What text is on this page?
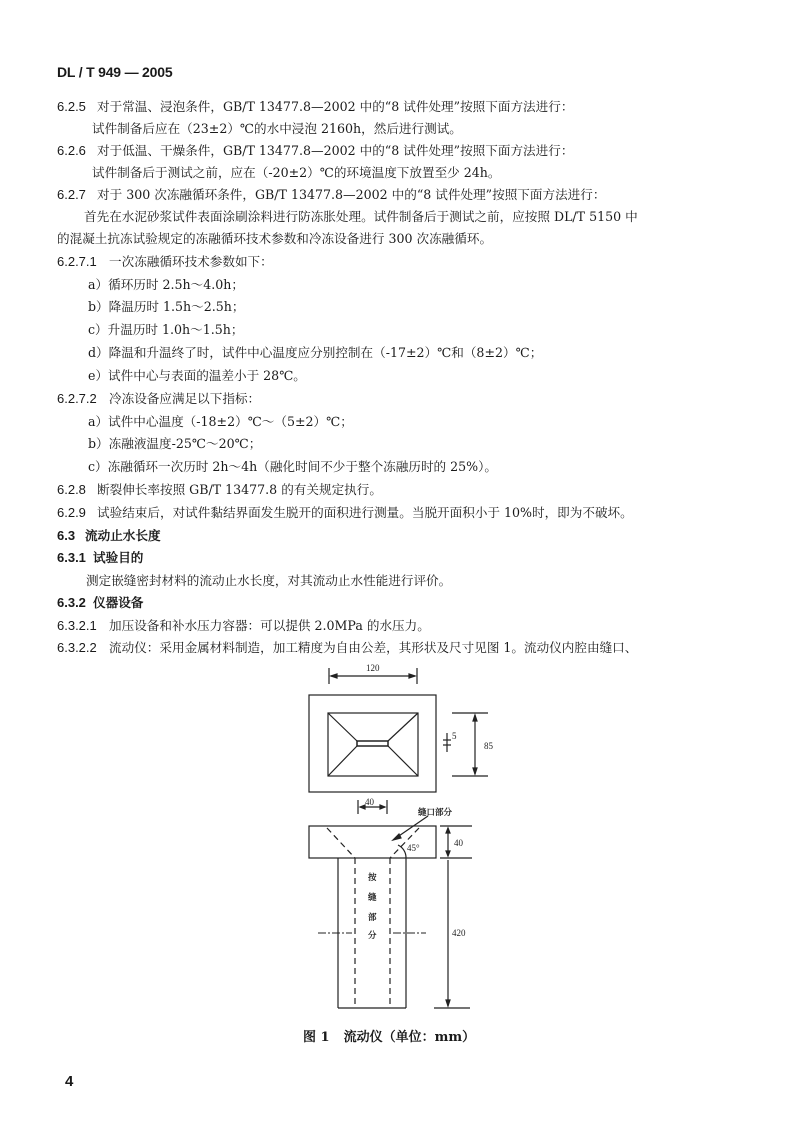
DL / T 949 — 2005
6.2.5 对于常温、浸泡条件，GB/T 13477.8—2002 中的“8 试件处理”按照下面方法进行：
试件制备后应在（23±2）℃的水中浸泡 2160h，然后进行测试。
6.2.6 对于低温、干燥条件，GB/T 13477.8—2002 中的“8 试件处理”按照下面方法进行：
试件制备后于测试之前，应在（-20±2）℃的环境温度下放置至少 24h。
6.2.7 对于 300 次冻融循环条件，GB/T 13477.8—2002 中的“8 试件处理”按照下面方法进行：
首先在水泥砂浆试件表面涂刷涂料进行防冻胀处理。试件制备后于测试之前，应按照 DL/T 5150 中
的混凝土抗冻试验规定的冻融循环技术参数和冷冻设备进行 300 次冻融循环。
6.2.7.1 一次冻融循环技术参数如下：
a）循环历时 2.5h～4.0h；
b）降温历时 1.5h～2.5h；
c）升温历时 1.0h～1.5h；
d）降温和升温终了时，试件中心温度应分别控制在（-17±2）℃和（8±2）℃；
e）试件中心与表面的温差小于 28℃。
6.2.7.2 冷冻设备应满足以下指标：
a）试件中心温度（-18±2）℃～（5±2）℃；
b）冻融液温度-25℃～20℃；
c）冻融循环一次历时 2h～4h（融化时间不少于整个冻融历时的 25%）。
6.2.8 断裂伸长率按照 GB/T 13477.8 的有关规定执行。
6.2.9 试验结束后，对试件黏结界面发生脱开的面积进行测量。当脱开面积小于 10%时，即为不破坏。
6.3 流动止水长度
6.3.1 试验目的
测定嵌缝密封材料的流动止水长度，对其流动止水性能进行评价。
6.3.2 仪器设备
6.3.2.1 加压设备和补水压力容器：可以提供 2.0MPa 的水压力。
6.3.2.2 流动仪：采用金属材料制造，加工精度为自由公差，其形状及尺寸见图 1。流动仪内腔由缝口、
120
5
85
40
40
420
45°
缝口部分
按
缝
部
分
图 1 流动仪（单位：mm）
4
